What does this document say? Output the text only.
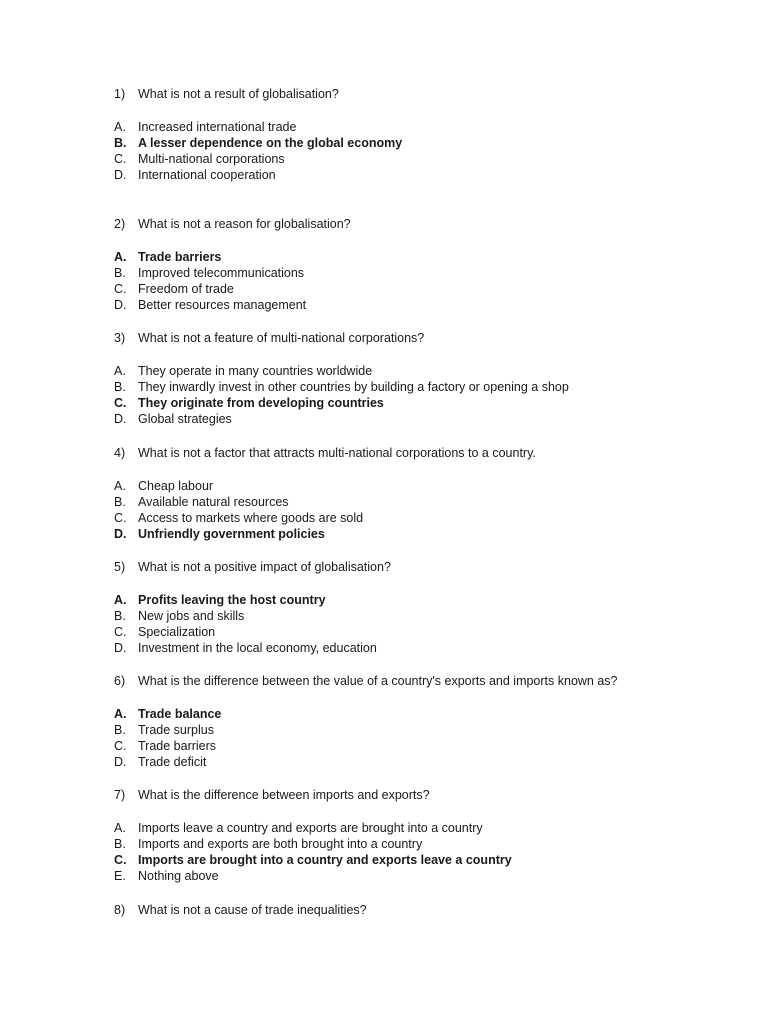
1) What is not a result of globalisation?
A. Increased international trade
B. A lesser dependence on the global economy
C. Multi-national corporations
D. International cooperation
2) What is not a reason for globalisation?
A. Trade barriers
B. Improved telecommunications
C. Freedom of trade
D. Better resources management
3) What is not a feature of multi-national corporations?
A. They operate in many countries worldwide
B. They inwardly invest in other countries by building a factory or opening a shop
C. They originate from developing countries
D. Global strategies
4) What is not a factor that attracts multi-national corporations to a country.
A. Cheap labour
B. Available natural resources
C. Access to markets where goods are sold
D. Unfriendly government policies
5) What is not a positive impact of globalisation?
A. Profits leaving the host country
B. New jobs and skills
C. Specialization
D. Investment in the local economy, education
6) What is the difference between the value of a country's exports and imports known as?
A. Trade balance
B. Trade surplus
C. Trade barriers
D. Trade deficit
7) What is the difference between imports and exports?
A. Imports leave a country and exports are brought into a country
B. Imports and exports are both brought into a country
C. Imports are brought into a country and exports leave a country
E. Nothing above
8) What is not a cause of trade inequalities?
